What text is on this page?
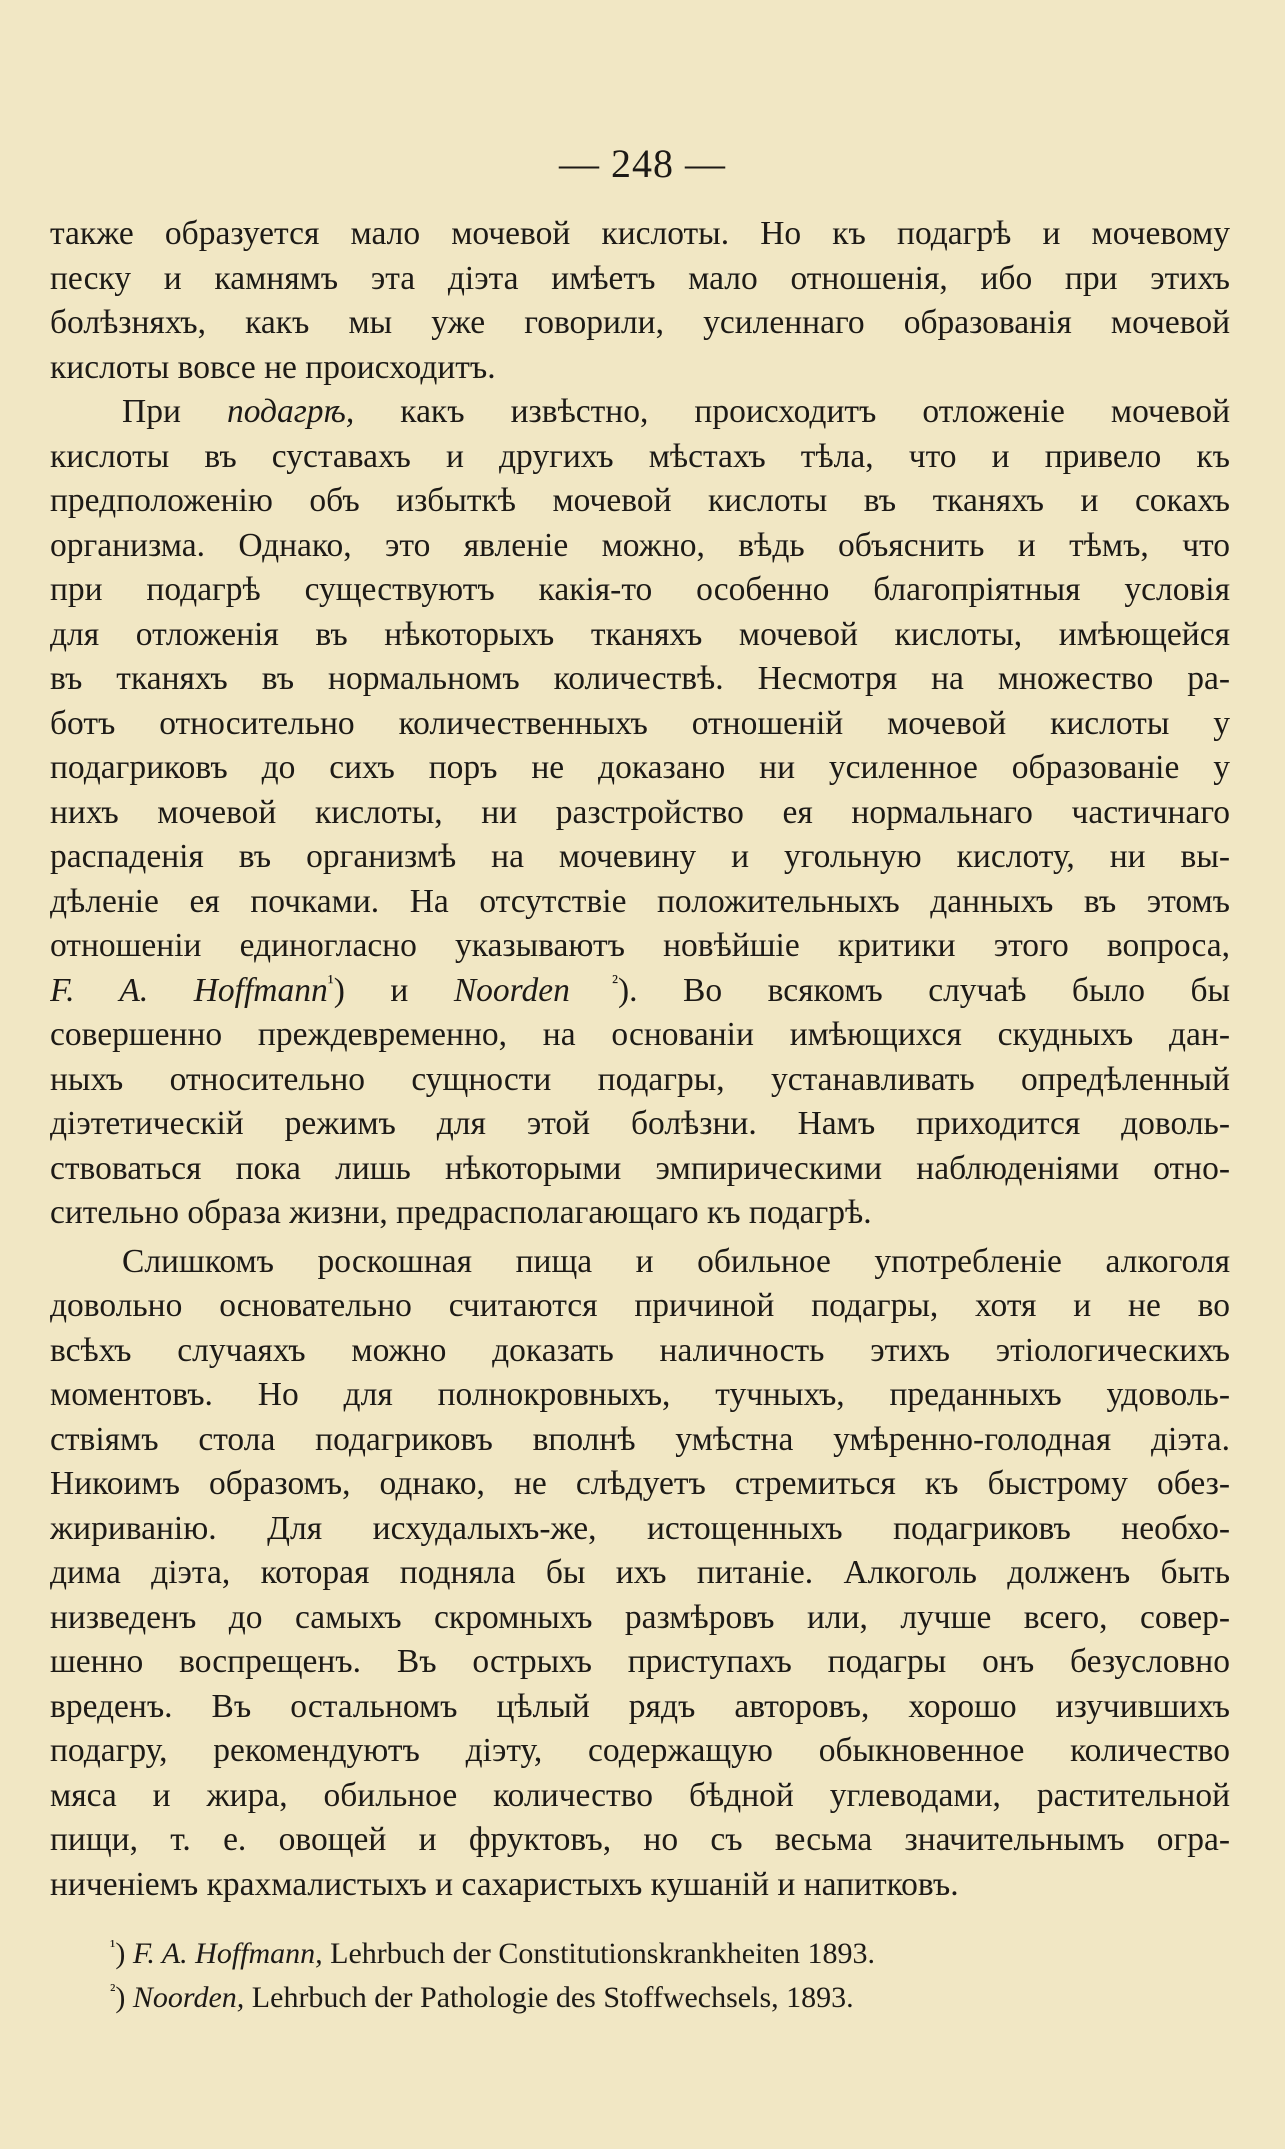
— 248 —
также образуется мало мочевой кислоты. Но къ подагрѣ и мочевому
песку и камнямъ эта діэта имѣетъ мало отношенія, ибо при этихъ
болѣзняхъ, какъ мы уже говорили, усиленнаго образованія мочевой
кислоты вовсе не происходитъ.
При подагрѣ, какъ извѣстно, происходитъ отложеніе мочевой
кислоты въ суставахъ и другихъ мѣстахъ тѣла, что и привело къ
предположенію объ избыткѣ мочевой кислоты въ тканяхъ и сокахъ
организма. Однако, это явленіе можно, вѣдь объяснить и тѣмъ, что
при подагрѣ существуютъ какія-то особенно благопріятныя условія
для отложенія въ нѣкоторыхъ тканяхъ мочевой кислоты, имѣющейся
въ тканяхъ въ нормальномъ количествѣ. Несмотря на множество ра-
ботъ относительно количественныхъ отношеній мочевой кислоты у
подагриковъ до сихъ поръ не доказано ни усиленное образованіе у
нихъ мочевой кислоты, ни разстройство ея нормальнаго частичнаго
распаденія въ организмѣ на мочевину и угольную кислоту, ни вы-
дѣленіе ея почками. На отсутствіе положительныхъ данныхъ въ этомъ
отношеніи единогласно указываютъ новѣйшіе критики этого вопроса,
F. A. Hoffmann$^{^1}$) и Noorden $^{^2}$). Во всякомъ случаѣ было бы
совершенно преждевременно, на основаніи имѣющихся скудныхъ дан-
ныхъ относительно сущности подагры, устанавливать опредѣленный
діэтетическій режимъ для этой болѣзни. Намъ приходится доволь-
ствоваться пока лишь нѣкоторыми эмпирическими наблюденіями отно-
сительно образа жизни, предрасполагающаго къ подагрѣ.
Слишкомъ роскошная пища и обильное употребленіе алкоголя
довольно основательно считаются причиной подагры, хотя и не во
всѣхъ случаяхъ можно доказать наличность этихъ этіологическихъ
моментовъ. Но для полнокровныхъ, тучныхъ, преданныхъ удоволь-
ствіямъ стола подагриковъ вполнѣ умѣстна умѣренно-голодная діэта.
Никоимъ образомъ, однако, не слѣдуетъ стремиться къ быстрому обез-
жириванію. Для исхудалыхъ-же, истощенныхъ подагриковъ необхо-
дима діэта, которая подняла бы ихъ питаніе. Алкоголь долженъ быть
низведенъ до самыхъ скромныхъ размѣровъ или, лучше всего, совер-
шенно воспрещенъ. Въ острыхъ приступахъ подагры онъ безусловно
вреденъ. Въ остальномъ цѣлый рядъ авторовъ, хорошо изучившихъ
подагру, рекомендуютъ діэту, содержащую обыкновенное количество
мяса и жира, обильное количество бѣдной углеводами, растительной
пищи, т. е. овощей и фруктовъ, но съ весьма значительнымъ огра-
ниченіемъ крахмалистыхъ и сахаристыхъ кушаній и напитковъ.
$^{^1}$) F. A. Hoffmann, Lehrbuch der Constitutionskrankheiten 1893.
$^{^2}$) Noorden, Lehrbuch der Pathologie des Stoffwechsels, 1893.
